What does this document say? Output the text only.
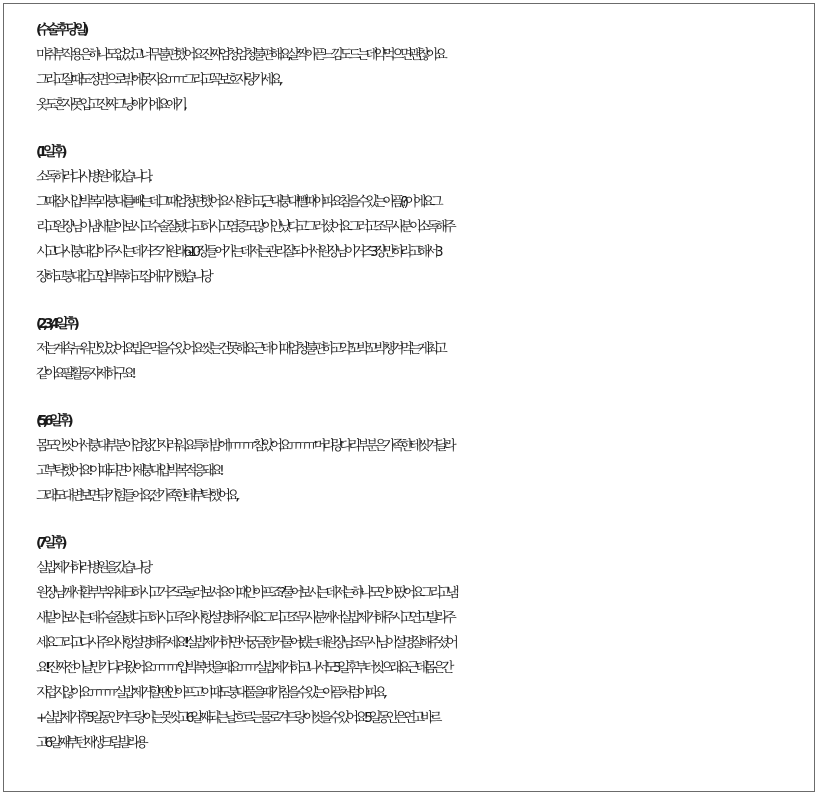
(수술 후 당일)
마취 부작용은 하나도 없었고 너무 불편했어요 진짜 엄청 엄청 불편해요,,, 살짝 아픈느낌도 드는데 약 먹으면 괜찮아요
그리고 잘 때도 정면으로 밖에 못 자요 ㅠㅠ 그리고 꼭 보호자랑 가세요,,
옷도 혼자 못입고 진짜 그냥 애기에요 애기,,,
(1일 후)
소독하러 다시 병원에 갔습니다.
그때 잠시 압박복과 붕대를 빼는데 그때 엄청 편했어요 시원하고,, 근대 붕대 뺄때 아파요 참을수 있는 아픔(?)이에요 그
리고 원장님이 냄새 맡아보시고 수술 잘 됐다고 하시고 염증도 많이 안났다고 그러셨어요 그러고 조무사분이 소독 해주
시고 다시 붕대 감아주시는데 거즈가 원래 6-10장 들어가는데 저는 관리 잘되어서 원장님이 거즈 3장만 하라고 해서 3
장하고 붕대 감고 압박복 하고 집에 귀가했습니당
(2,3,4일 후)
저는 계속 누워만 있었어요 밥은 먹을 수 있어요 씻는건 못해요 근데 이때 엄청 불편하고 약 꼬박꼬박 챙겨먹는게 최고
같아요 팔 활동 자제하구요!
(5,6일 후)
몸도 안씻어서 붕대 부분이 엄청 간지러워요 특히 밤에 ㅠㅠㅠ 참았어요 ㅠㅠㅠ 머리랑 다리부분은 가족한테 씻겨달라
고 부탁했어요! 이때되면 이제 붕대 압박복 적응돼요!
그래도 대변보면 닦기 힘들어요,, 전 가족한테 부탁했어요,,
(7일 후)
실밥 제거하러 병원을 갔습니당
원장님께서 환부부위 체크하시고 거즈로 눌러보셔요 이때 안아프죠? 물어보시는데 저는 하나도 안아팠어요 그리고 냄
새 맡아보시는데 수술 잘 됐다고 하시고 주의사항 설명해주세요 그리고 조무사분께서 실밥제거 해주시고 연고 발라주
세요 그리고 다시 주의사항 설명해주세요!! 실밥제거 하면서 궁금한거 물어봤는데 원장님 조무사님이 설명 잘해주셨어
요!! 진짜 전 이날만 기다려왔어요ㅠㅠㅠ 압박복 벗을때요ㅠㅠ 실밥제거 하고 나서도 5일후부터 씻으래요 근데 몸은 간
지럽지 않아요ㅠㅠㅠ 실밥제거 할땐 안아프고 이때도 붕대 풀을때가 참을수있는 아픔처럼 아파요,,
+실밥 제거 후 5일동안 겨드랑이는 못 씻고 6일째 되는 날 흐르는 물로 겨드랑이 씻을 수 있어요! 5일동안은 연고 바르
고 6일째 부턴 재생크림 발라용
